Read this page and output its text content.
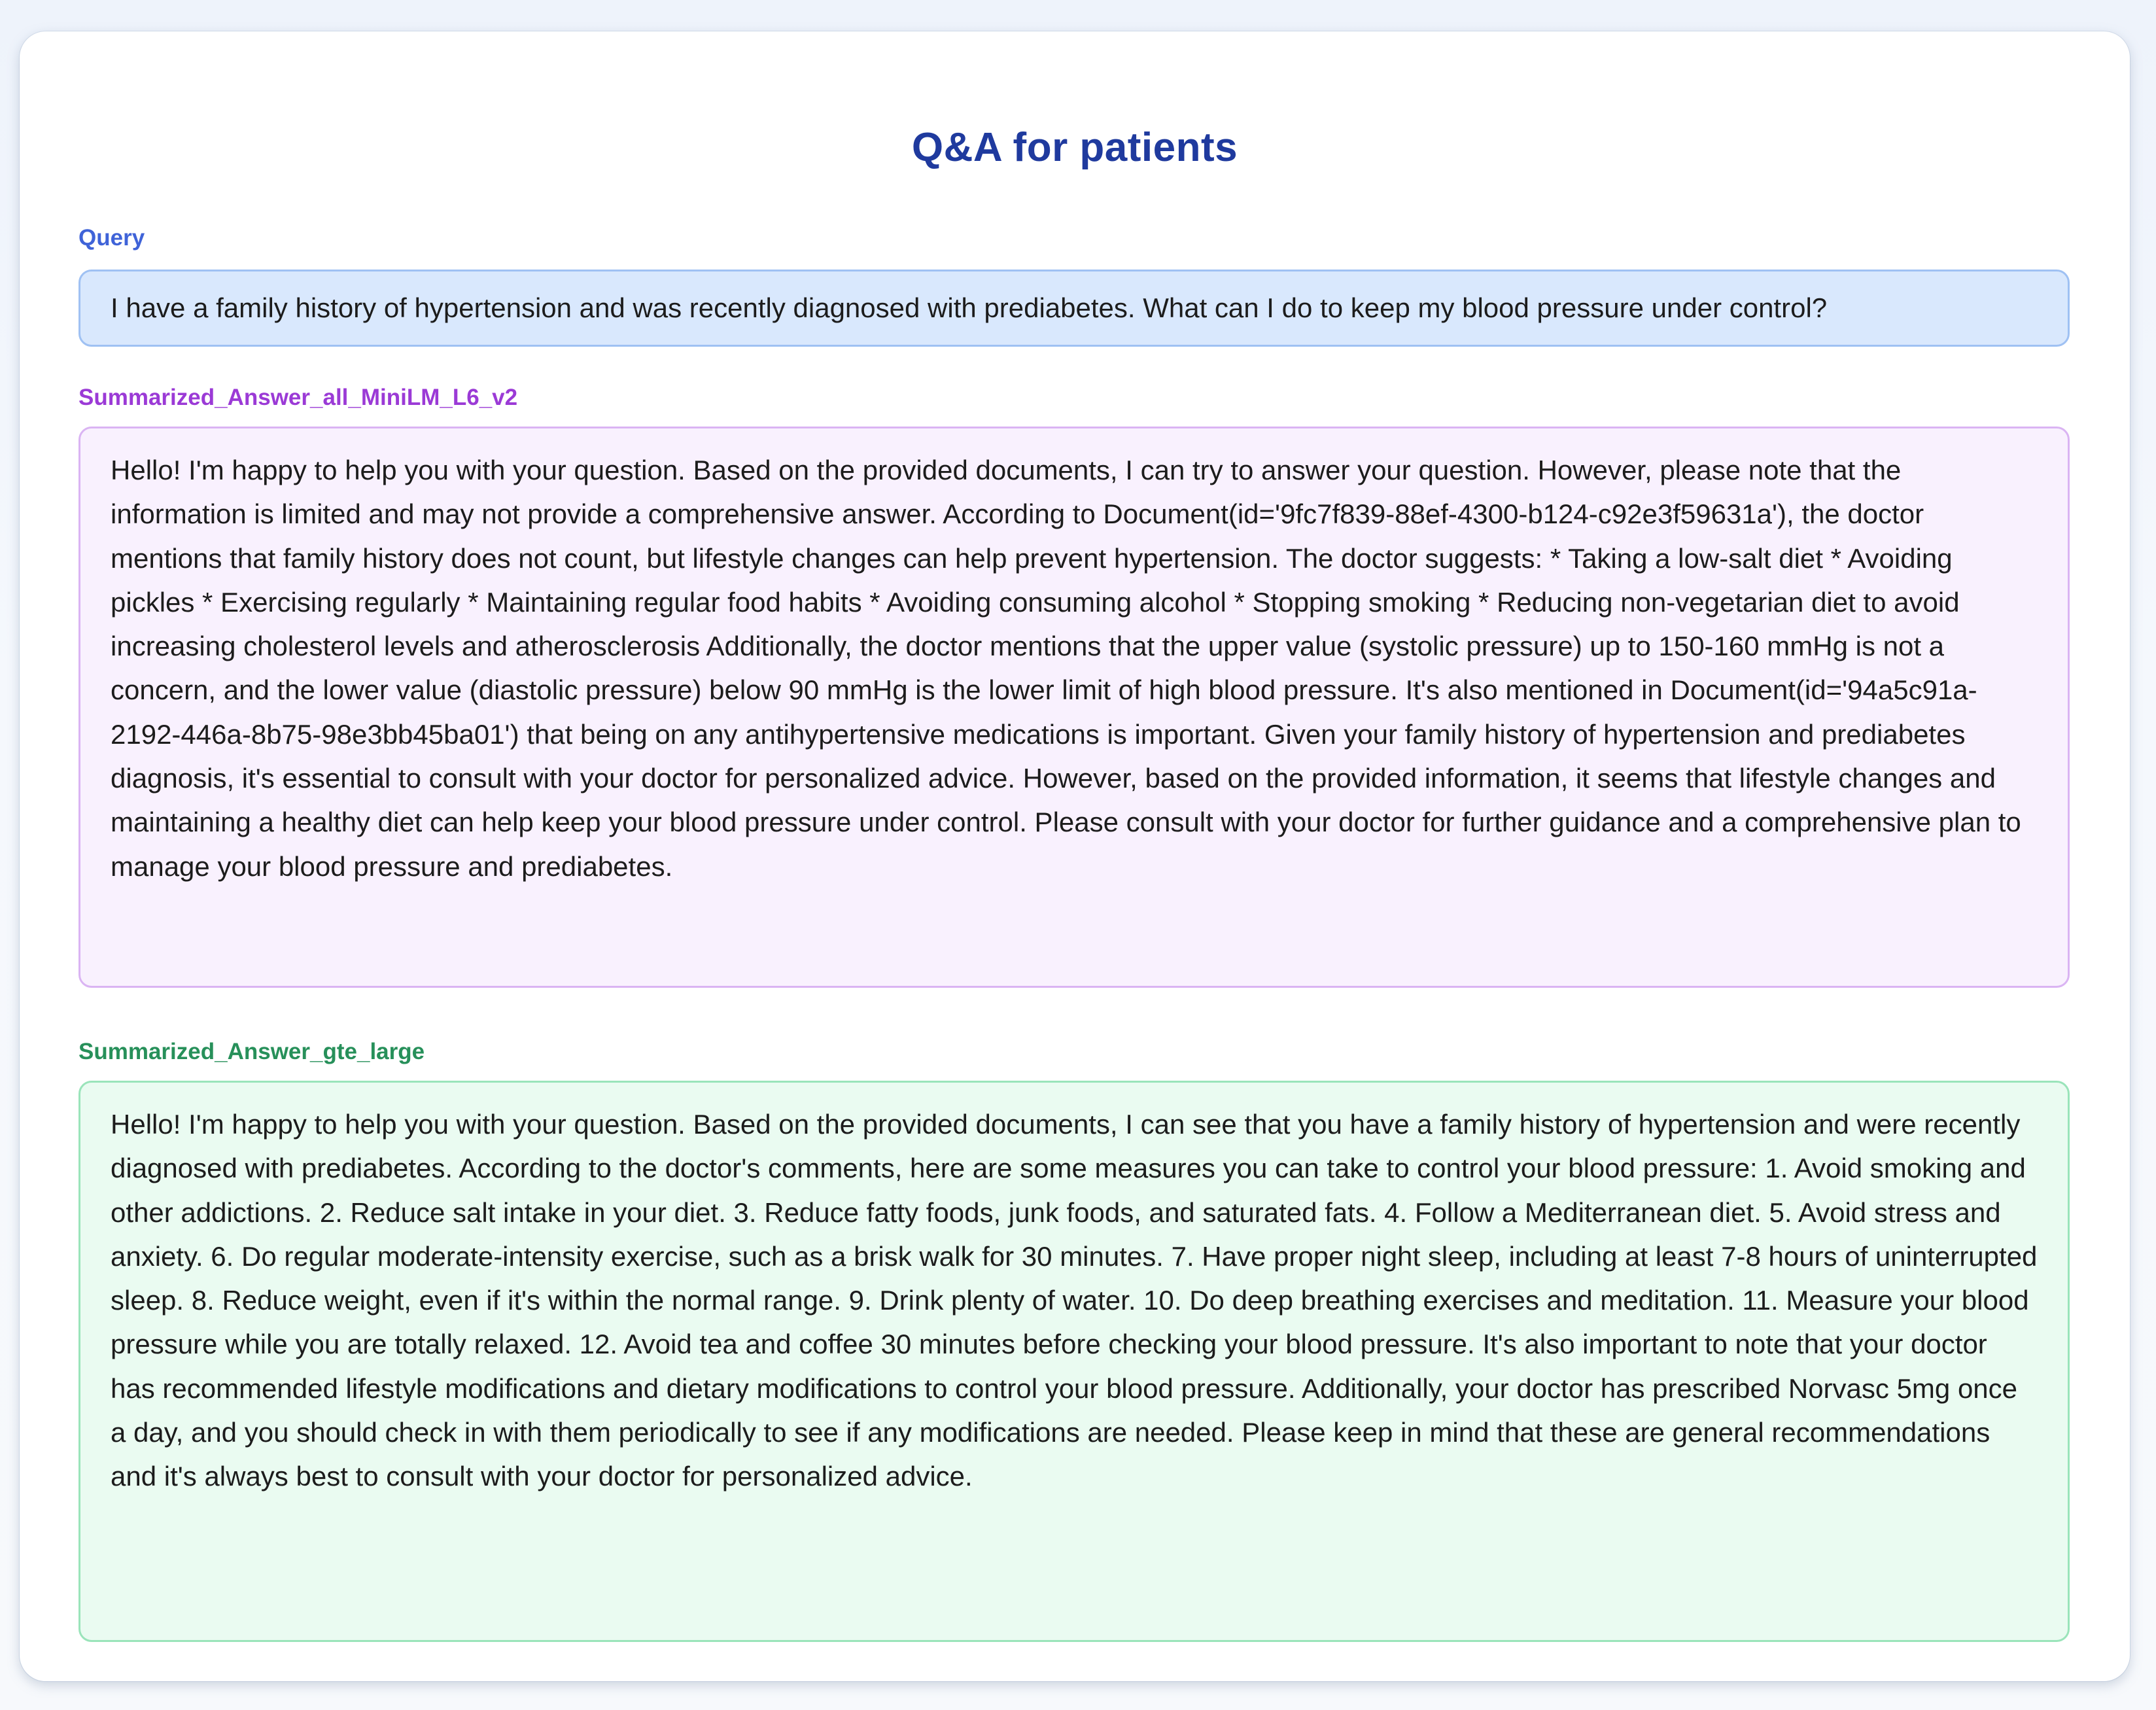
Q&A for patients
Query
I have a family history of hypertension and was recently diagnosed with prediabetes. What can I do to keep my blood pressure under control?
Summarized_Answer_all_MiniLM_L6_v2
Hello! I'm happy to help you with your question. Based on the provided documents, I can try to answer your question. However, please note that the information is limited and may not provide a comprehensive answer. According to Document(id='9fc7f839-88ef-4300-b124-c92e3f59631a'), the doctor mentions that family history does not count, but lifestyle changes can help prevent hypertension. The doctor suggests: * Taking a low-salt diet * Avoiding pickles * Exercising regularly * Maintaining regular food habits * Avoiding consuming alcohol * Stopping smoking * Reducing non-vegetarian diet to avoid increasing cholesterol levels and atherosclerosis Additionally, the doctor mentions that the upper value (systolic pressure) up to 150-160 mmHg is not a concern, and the lower value (diastolic pressure) below 90 mmHg is the lower limit of high blood pressure. It's also mentioned in Document(id='94a5c91a-2192-446a-8b75-98e3bb45ba01') that being on any antihypertensive medications is important. Given your family history of hypertension and prediabetes diagnosis, it's essential to consult with your doctor for personalized advice. However, based on the provided information, it seems that lifestyle changes and maintaining a healthy diet can help keep your blood pressure under control. Please consult with your doctor for further guidance and a comprehensive plan to manage your blood pressure and prediabetes.
Summarized_Answer_gte_large
Hello! I'm happy to help you with your question. Based on the provided documents, I can see that you have a family history of hypertension and were recently diagnosed with prediabetes. According to the doctor's comments, here are some measures you can take to control your blood pressure: 1. Avoid smoking and other addictions. 2. Reduce salt intake in your diet. 3. Reduce fatty foods, junk foods, and saturated fats. 4. Follow a Mediterranean diet. 5. Avoid stress and anxiety. 6. Do regular moderate-intensity exercise, such as a brisk walk for 30 minutes. 7. Have proper night sleep, including at least 7-8 hours of uninterrupted sleep. 8. Reduce weight, even if it's within the normal range. 9. Drink plenty of water. 10. Do deep breathing exercises and meditation. 11. Measure your blood pressure while you are totally relaxed. 12. Avoid tea and coffee 30 minutes before checking your blood pressure. It's also important to note that your doctor has recommended lifestyle modifications and dietary modifications to control your blood pressure. Additionally, your doctor has prescribed Norvasc 5mg once a day, and you should check in with them periodically to see if any modifications are needed. Please keep in mind that these are general recommendations and it's always best to consult with your doctor for personalized advice.
